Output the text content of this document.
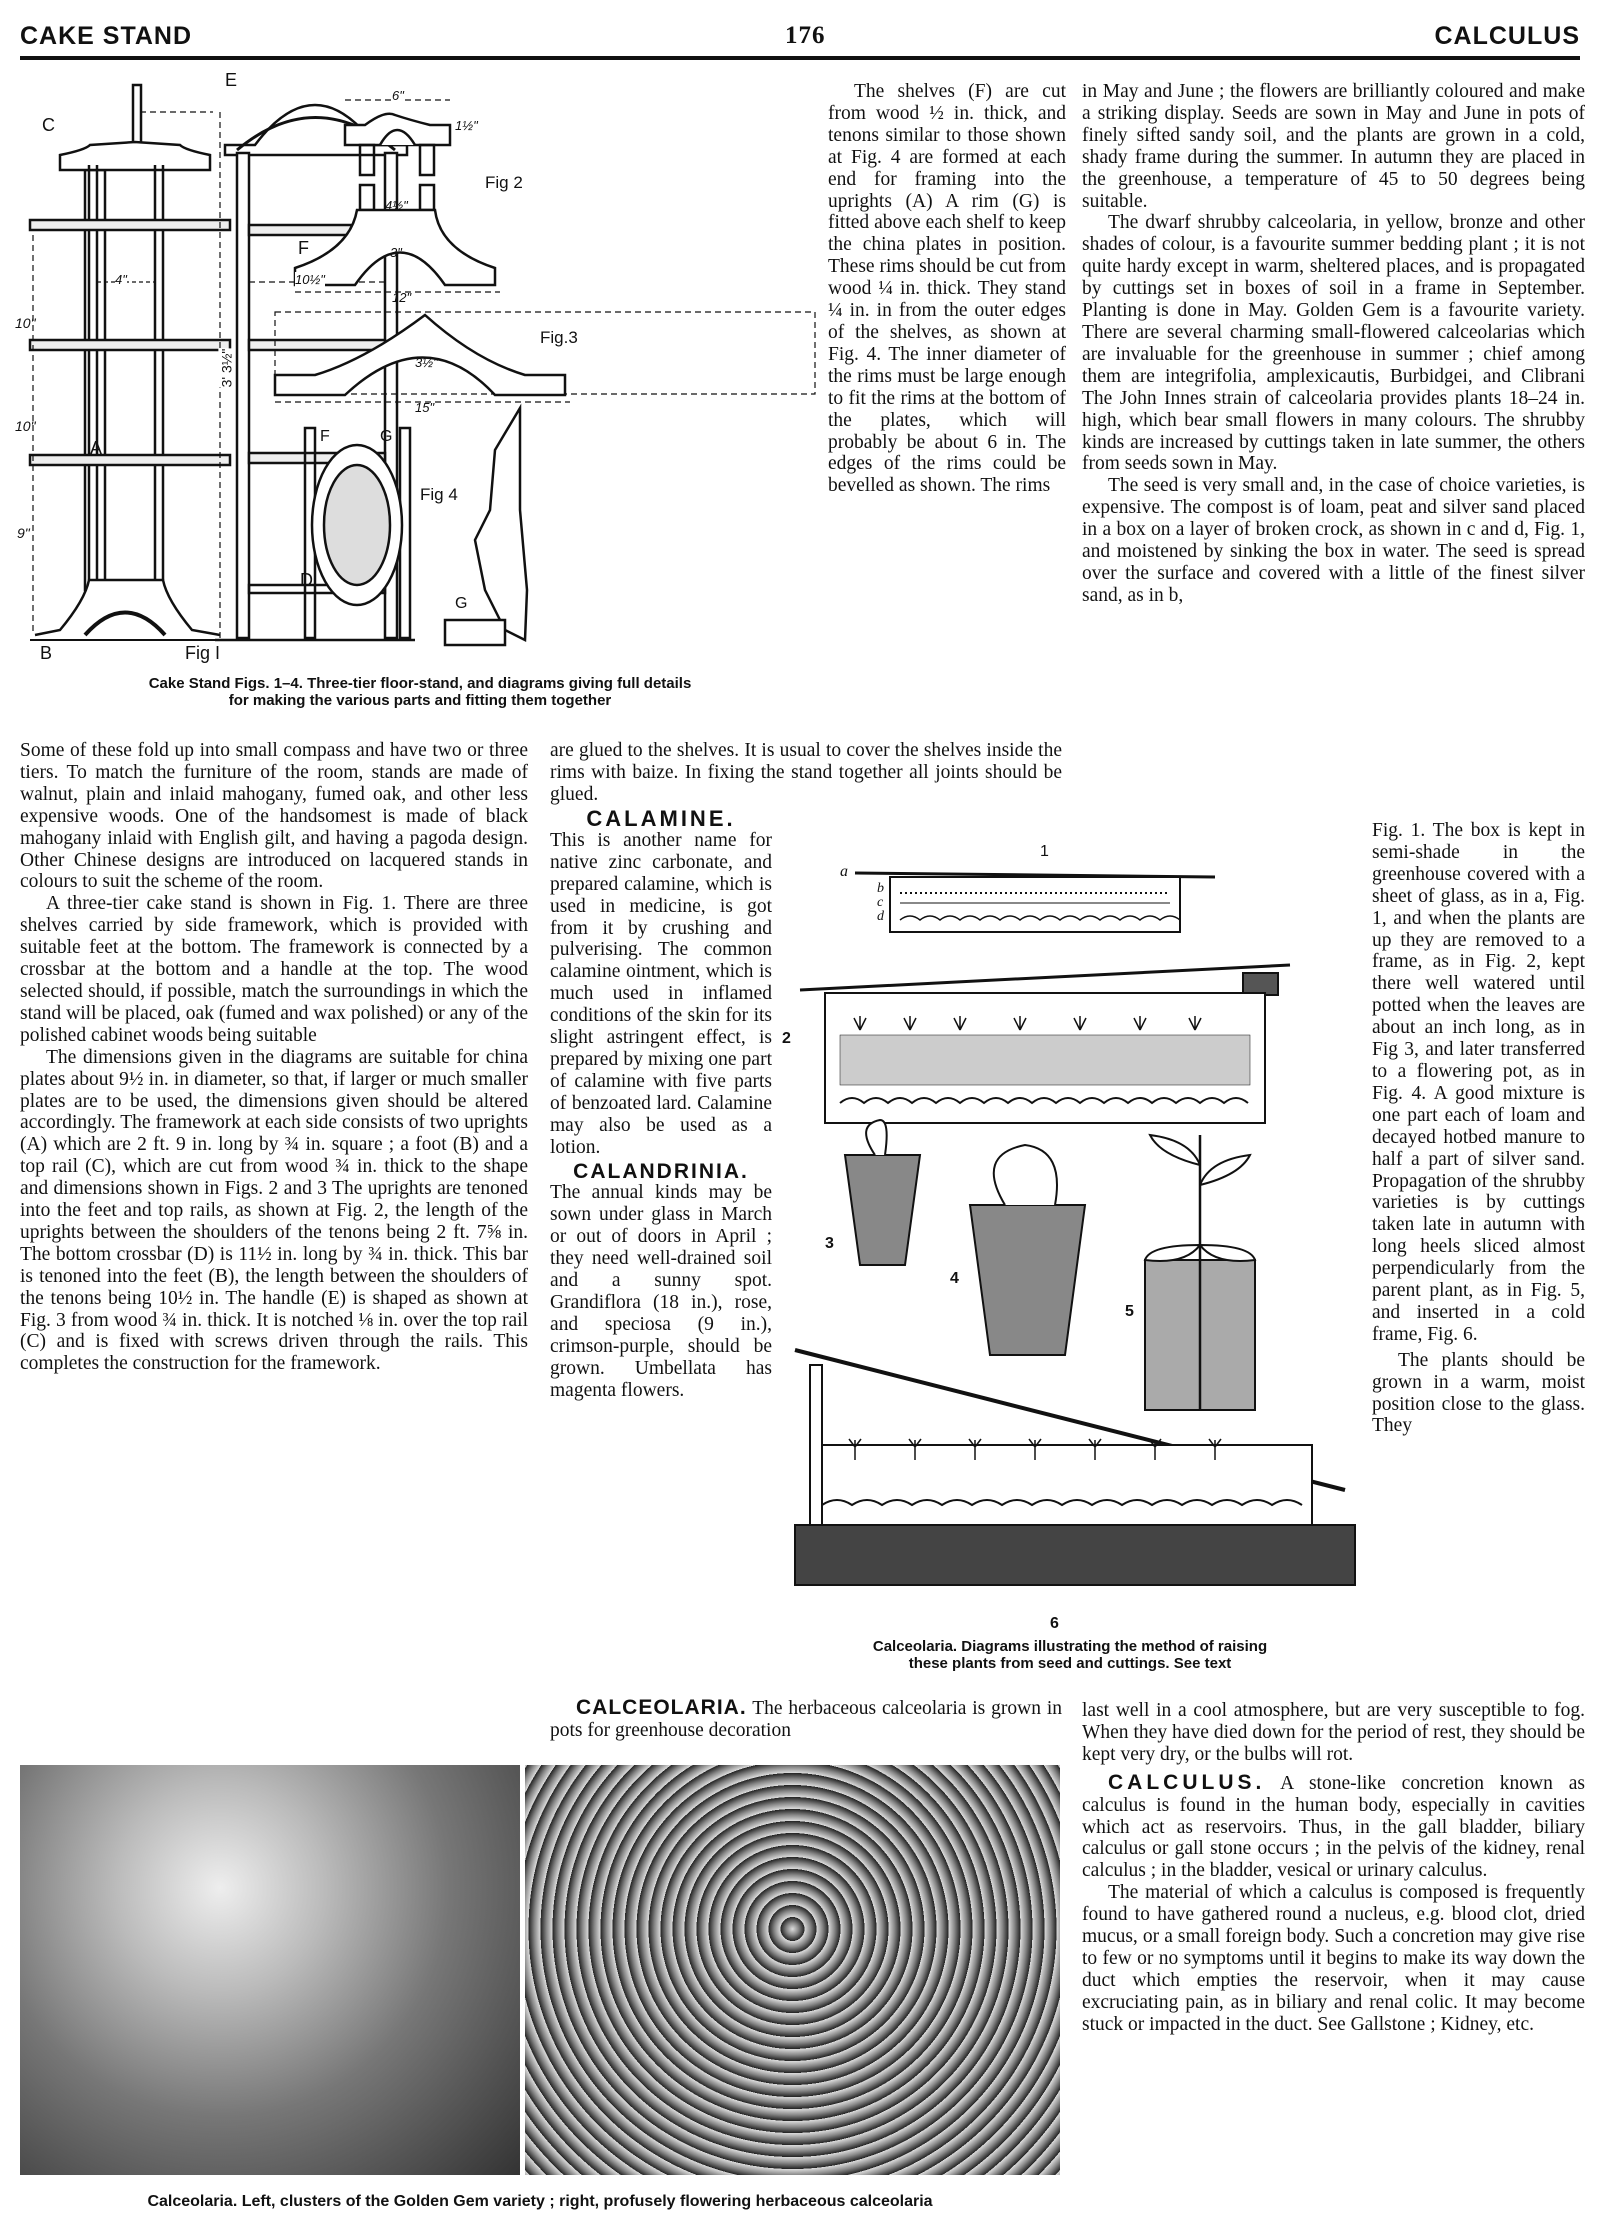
CAKE STAND	176	CALCULUS
E
C
F
A
D
B	Fig I
10"
10"
9"
4"	10½"
3' 3½"
6"
1½"
Fig 2
4½"
3"
12"
Fig.3
3½"
15"
F	G
Fig 4
G
Cake Stand Figs. 1–4. Three-tier floor-stand, and diagrams giving full details
for making the various parts and fitting them together

The shelves (F) are cut from wood ½ in. thick, and tenons similar to those shown at Fig. 4 are formed at each end for framing into the uprights (A) A rim (G) is fitted above each shelf to keep the china plates in position. These rims should be cut from wood ¼ in. thick. They stand ¼ in. in from the outer edges of the shelves, as shown at Fig. 4. The inner diameter of the rims must be large enough to fit the rims at the bottom of the plates, which will probably be about 6 in. The edges of the rims could be bevelled as shown. The rims

in May and June ; the flowers are brilliantly coloured and make a striking display. Seeds are sown in May and June in pots of finely sifted sandy soil, and the plants are grown in a cold, shady frame during the summer. In autumn they are placed in the greenhouse, a temperature of 45 to 50 degrees being suitable.

The dwarf shrubby calceolaria, in yellow, bronze and other shades of colour, is a favourite summer bedding plant ; it is not quite hardy except in warm, sheltered places, and is propagated by cuttings set in boxes of soil in a frame in September. Planting is done in May. Golden Gem is a favourite variety. There are several charming small-flowered calceolarias which are invaluable for the greenhouse in summer ; chief among them are integrifolia, amplexicautis, Burbidgei, and Clibrani The John Innes strain of calceolaria provides plants 18–24 in. high, which bear small flowers in many colours. The shrubby kinds are increased by cuttings taken in late summer, the others from seeds sown in May.

The seed is very small and, in the case of choice varieties, is expensive. The compost is of loam, peat and silver sand placed in a box on a layer of broken crock, as shown in c and d, Fig. 1, and moistened by sinking the box in water. The seed is spread over the surface and covered with a little of the finest silver sand, as in b,

Some of these fold up into small compass and have two or three tiers. To match the furniture of the room, stands are made of walnut, plain and inlaid mahogany, fumed oak, and other less expensive woods. One of the handsomest is made of black mahogany inlaid with English gilt, and having a pagoda design. Other Chinese designs are introduced on lacquered stands in colours to suit the scheme of the room.

A three-tier cake stand is shown in Fig. 1. There are three shelves carried by side framework, which is provided with suitable feet at the bottom. The framework is connected by a crossbar at the bottom and a handle at the top. The wood selected should, if possible, match the surroundings in which the stand will be placed, oak (fumed and wax polished) or any of the polished cabinet woods being suitable

The dimensions given in the diagrams are suitable for china plates about 9½ in. in diameter, so that, if larger or much smaller plates are to be used, the dimensions given should be altered accordingly. The framework at each side consists of two uprights (A) which are 2 ft. 9 in. long by ¾ in. square ; a foot (B) and a top rail (C), which are cut from wood ¾ in. thick to the shape and dimensions shown in Figs. 2 and 3 The uprights are tenoned into the feet and top rails, as shown at Fig. 2, the length of the uprights between the shoulders of the tenons being 2 ft. 7⅝ in. The bottom crossbar (D) is 11½ in. long by ¾ in. thick. This bar is tenoned into the feet (B), the length between the shoulders of the tenons being 10½ in. The handle (E) is shaped as shown at Fig. 3 from wood ¾ in. thick. It is notched ⅛ in. over the top rail (C) and is fixed with screws driven through the rails. This completes the construction for the framework.

are glued to the shelves. It is usual to cover the shelves inside the rims with baize. In fixing the stand together all joints should be glued.

CALAMINE.

This is another name for native zinc carbonate, and prepared calamine, which is used in medicine, is got from it by crushing and pulverising. The common calamine ointment, which is much used in inflamed conditions of the skin for its slight astringent effect, is prepared by mixing one part of calamine with five parts of benzoated lard. Calamine may also be used as a lotion.

CALANDRINIA.

The annual kinds may be sown under glass in March or out of doors in April ; they need well-drained soil and a sunny spot. Grandiflora (18 in.), rose, and speciosa (9 in.), crimson-purple, should be grown. Umbellata has magenta flowers.

CALCEOLARIA. The herbaceous calceolaria is grown in pots for greenhouse decoration

1
a
b
c
d
2
3
4
5
6
Calceolaria. Diagrams illustrating the method of raising
these plants from seed and cuttings. See text

Fig. 1. The box is kept in semi-shade in the greenhouse covered with a sheet of glass, as in a, Fig. 1, and when the plants are up they are removed to a frame, as in Fig. 2, kept there well watered until potted when the leaves are about an inch long, as in Fig 3, and later transferred to a flowering pot, as in Fig. 4. A good mixture is one part each of loam and decayed hotbed manure to half a part of silver sand. Propagation of the shrubby varieties is by cuttings taken late in autumn with long heels sliced almost perpendicularly from the parent plant, as in Fig. 5, and inserted in a cold frame, Fig. 6.

The plants should be grown in a warm, moist position close to the glass. They

last well in a cool atmosphere, but are very susceptible to fog. When they have died down for the period of rest, they should be kept very dry, or the bulbs will rot.

CALCULUS. A stone-like concretion known as calculus is found in the human body, especially in cavities which act as reservoirs. Thus, in the gall bladder, biliary calculus or gall stone occurs ; in the pelvis of the kidney, renal calculus ; in the bladder, vesical or urinary calculus.

The material of which a calculus is composed is frequently found to have gathered round a nucleus, e.g. blood clot, dried mucus, or a small foreign body. Such a concretion may give rise to few or no symptoms until it begins to make its way down the duct which empties the reservoir, when it may cause excruciating pain, as in biliary and renal colic. It may become stuck or impacted in the duct. See Gallstone ; Kidney, etc.

Calceolaria. Left, clusters of the Golden Gem variety ; right, profusely flowering herbaceous calceolaria
